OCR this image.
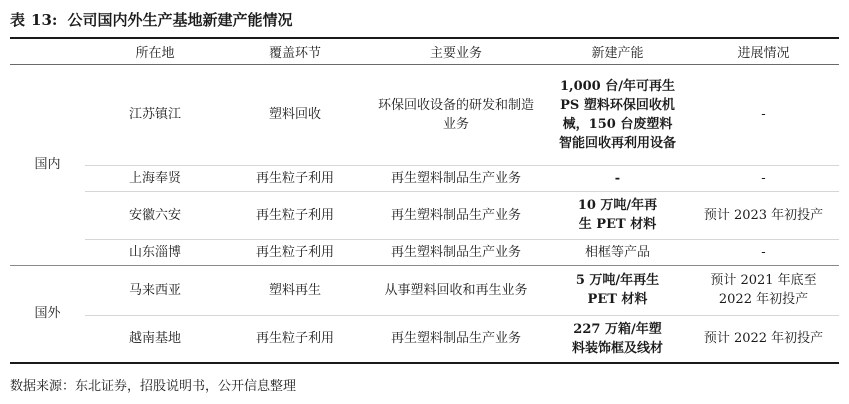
表 13: 公司国内外生产基地新建产能情况
	所在地	覆盖环节	主要业务	新建产能	进展情况
国内	江苏镇江	塑料回收	环保回收设备的研发和制造业务	1,000 台/年可再生 PS 塑料环保回收机械，150 台废塑料智能回收再利用设备	-
	上海奉贤	再生粒子利用	再生塑料制品生产业务	-	-
	安徽六安	再生粒子利用	再生塑料制品生产业务	10 万吨/年再生 PET 材料	预计 2023 年初投产
	山东淄博	再生粒子利用	再生塑料制品生产业务	相框等产品	-
国外	马来西亚	塑料再生	从事塑料回收和再生业务	5 万吨/年再生 PET 材料	预计 2021 年底至 2022 年初投产
	越南基地	再生粒子利用	再生塑料制品生产业务	227 万箱/年塑料装饰框及线材	预计 2022 年初投产
数据来源：东北证券，招股说明书，公开信息整理
